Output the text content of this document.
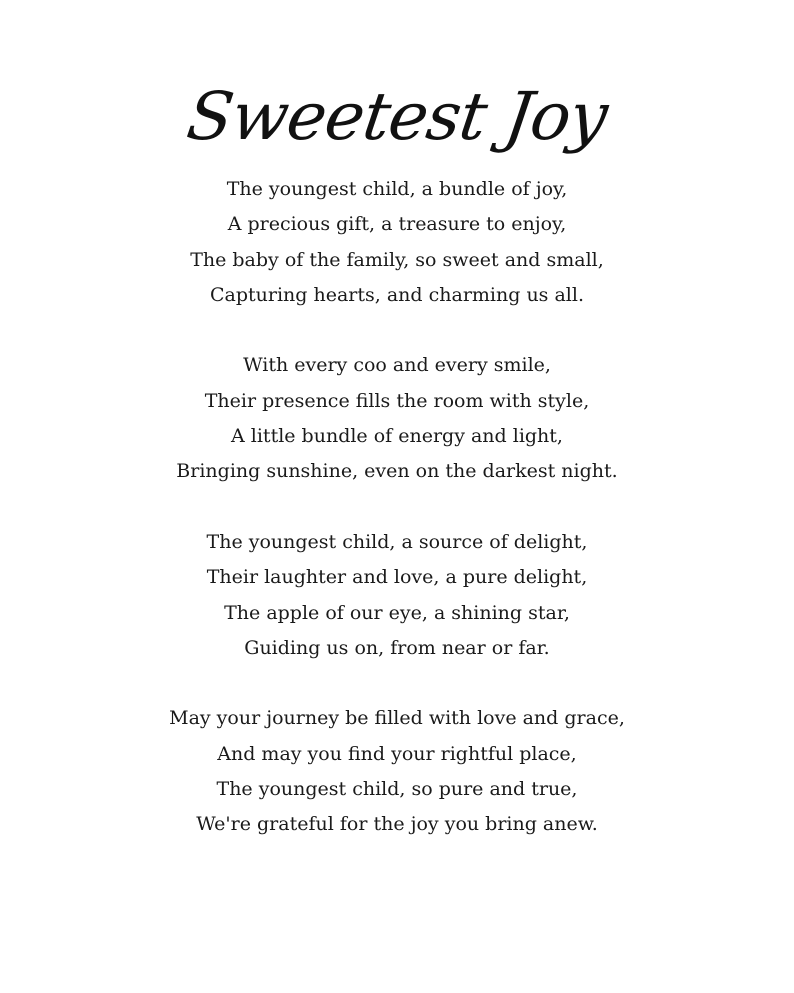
Sweetest Joy
The youngest child, a bundle of joy,
A precious gift, a treasure to enjoy,
The baby of the family, so sweet and small,
Capturing hearts, and charming us all.
With every coo and every smile,
Their presence fills the room with style,
A little bundle of energy and light,
Bringing sunshine, even on the darkest night.
The youngest child, a source of delight,
Their laughter and love, a pure delight,
The apple of our eye, a shining star,
Guiding us on, from near or far.
May your journey be filled with love and grace,
And may you find your rightful place,
The youngest child, so pure and true,
We're grateful for the joy you bring anew.
